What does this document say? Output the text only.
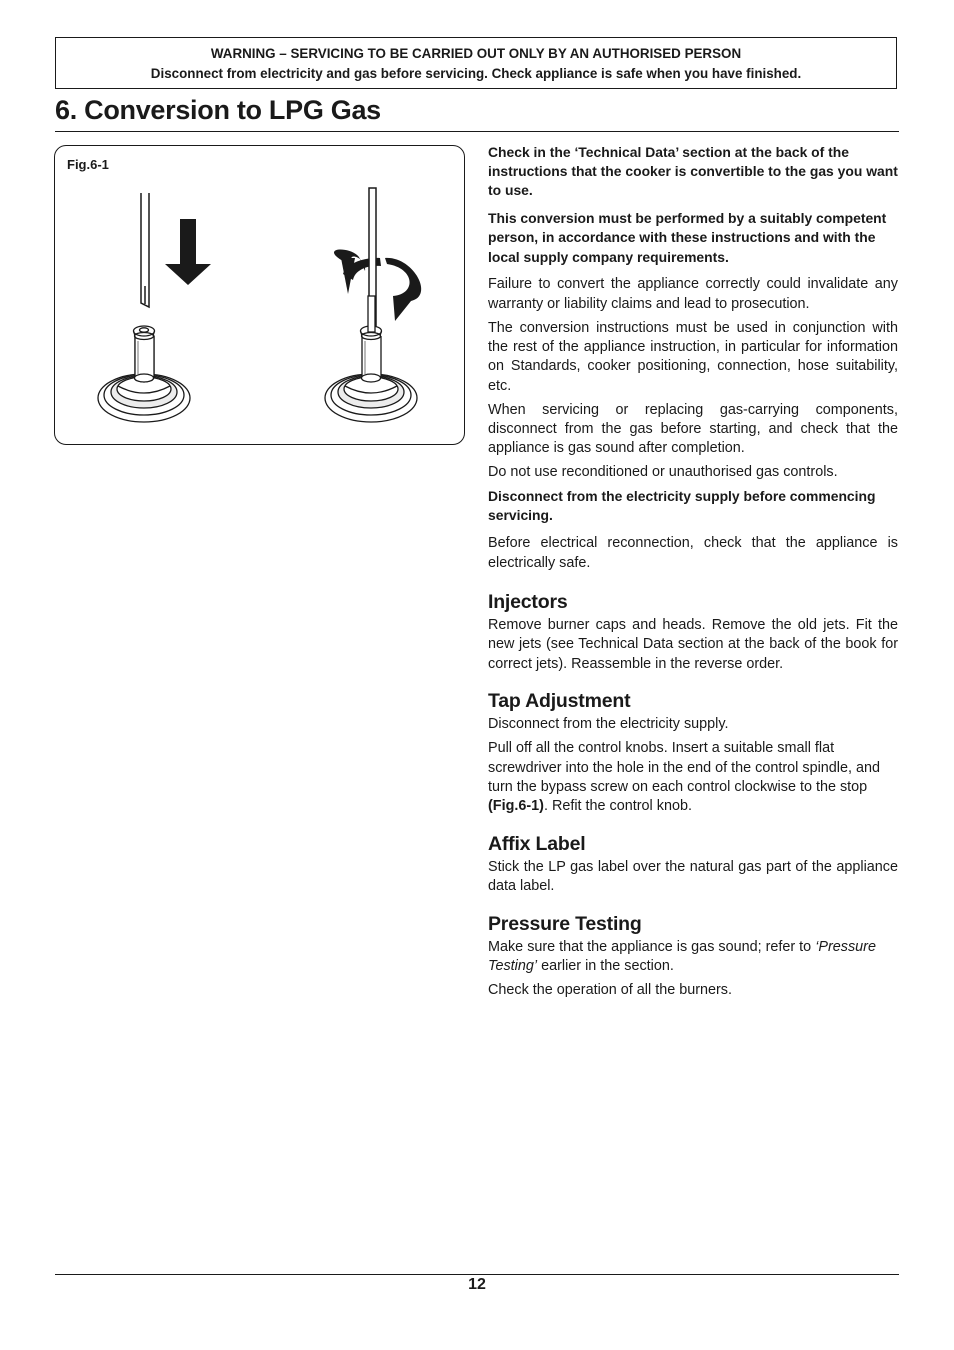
WARNING – SERVICING TO BE CARRIED OUT ONLY BY AN AUTHORISED PERSON
Disconnect from electricity and gas before servicing. Check appliance is safe when you have finished.
6. Conversion to LPG Gas
Fig.6-1

Check in the ‘Technical Data’ section at the back of the instructions that the cooker is convertible to the gas you want to use.

This conversion must be performed by a suitably competent person, in accordance with these instructions and with the local supply company requirements.

Failure to convert the appliance correctly could invalidate any warranty or liability claims and lead to prosecution.

The conversion instructions must be used in conjunction with the rest of the appliance instruction, in particular for information on Standards, cooker positioning, connection, hose suitability, etc.

When servicing or replacing gas-carrying components, disconnect from the gas before starting, and check that the appliance is gas sound after completion.

Do not use reconditioned or unauthorised gas controls.

Disconnect from the electricity supply before commencing servicing.

Before electrical reconnection, check that the appliance is electrically safe.

Injectors

Remove burner caps and heads. Remove the old jets. Fit the new jets (see Technical Data section at the back of the book for correct jets). Reassemble in the reverse order.

Tap Adjustment

Disconnect from the electricity supply.

Pull off all the control knobs. Insert a suitable small flat screwdriver into the hole in the end of the control spindle, and turn the bypass screw on each control clockwise to the stop (Fig.6-1). Refit the control knob.

Affix Label

Stick the LP gas label over the natural gas part of the appliance data label.

Pressure Testing

Make sure that the appliance is gas sound; refer to ‘Pressure Testing’ earlier in the section.

Check the operation of all the burners.

12
